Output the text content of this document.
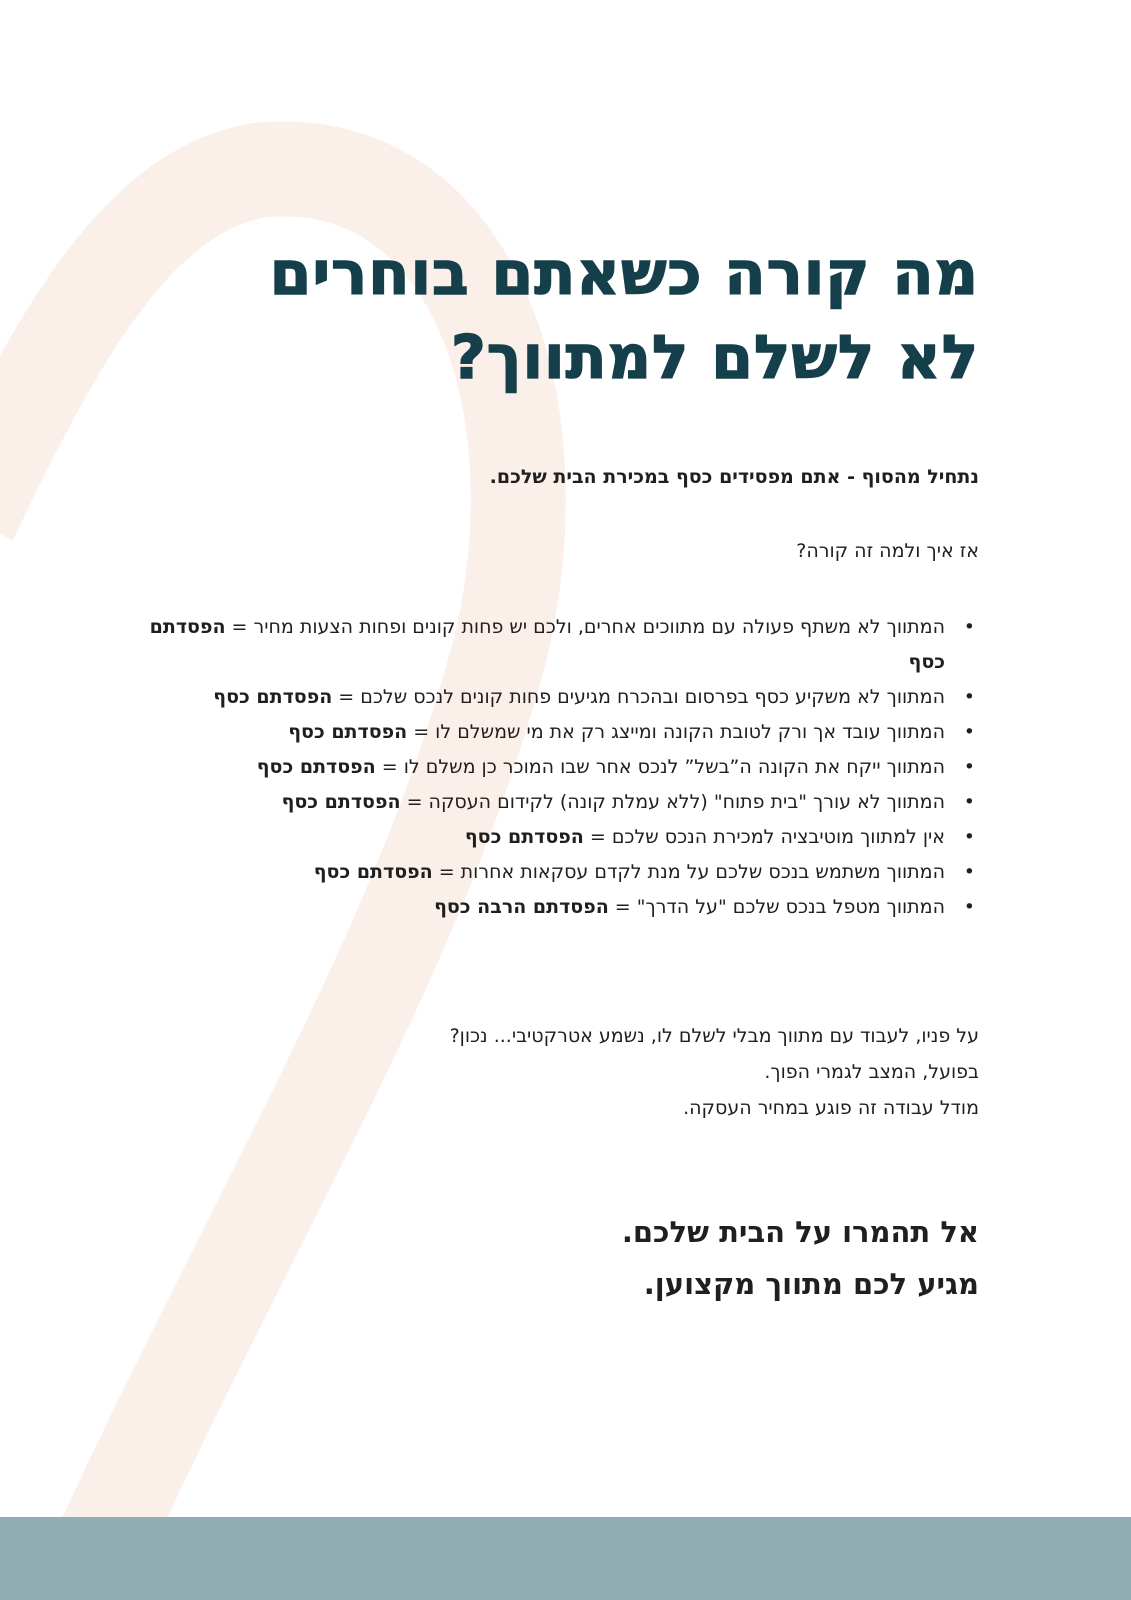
מה קורה כשאתם בוחרים
לא לשלם למתווך?

נתחיל מהסוף - אתם מפסידים כסף במכירת הבית שלכם.

אז איך ולמה זה קורה?

•
המתווך לא משתף פעולה עם מתווכים אחרים, ולכם יש פחות קונים ופחות הצעות מחיר = הפסדתם כסף
•
המתווך לא משקיע כסף בפרסום ובהכרח מגיעים פחות קונים לנכס שלכם = הפסדתם כסף
•
המתווך עובד אך ורק לטובת הקונה ומייצג רק את מי שמשלם לו = הפסדתם כסף
•
המתווך ייקח את הקונה ה”בשל” לנכס אחר שבו המוכר כן משלם לו = הפסדתם כסף
•
המתווך לא עורך "בית פתוח" (ללא עמלת קונה) לקידום העסקה = הפסדתם כסף
•
אין למתווך מוטיבציה למכירת הנכס שלכם = הפסדתם כסף
•
המתווך משתמש בנכס שלכם על מנת לקדם עסקאות אחרות = הפסדתם כסף
•
המתווך מטפל בנכס שלכם "על הדרך" = הפסדתם הרבה כסף
על פניו, לעבוד עם מתווך מבלי לשלם לו, נשמע אטרקטיבי... נכון?
בפועל, המצב לגמרי הפוך.
מודל עבודה זה פוגע במחיר העסקה.
אל תהמרו על הבית שלכם.
מגיע לכם מתווך מקצוען.
